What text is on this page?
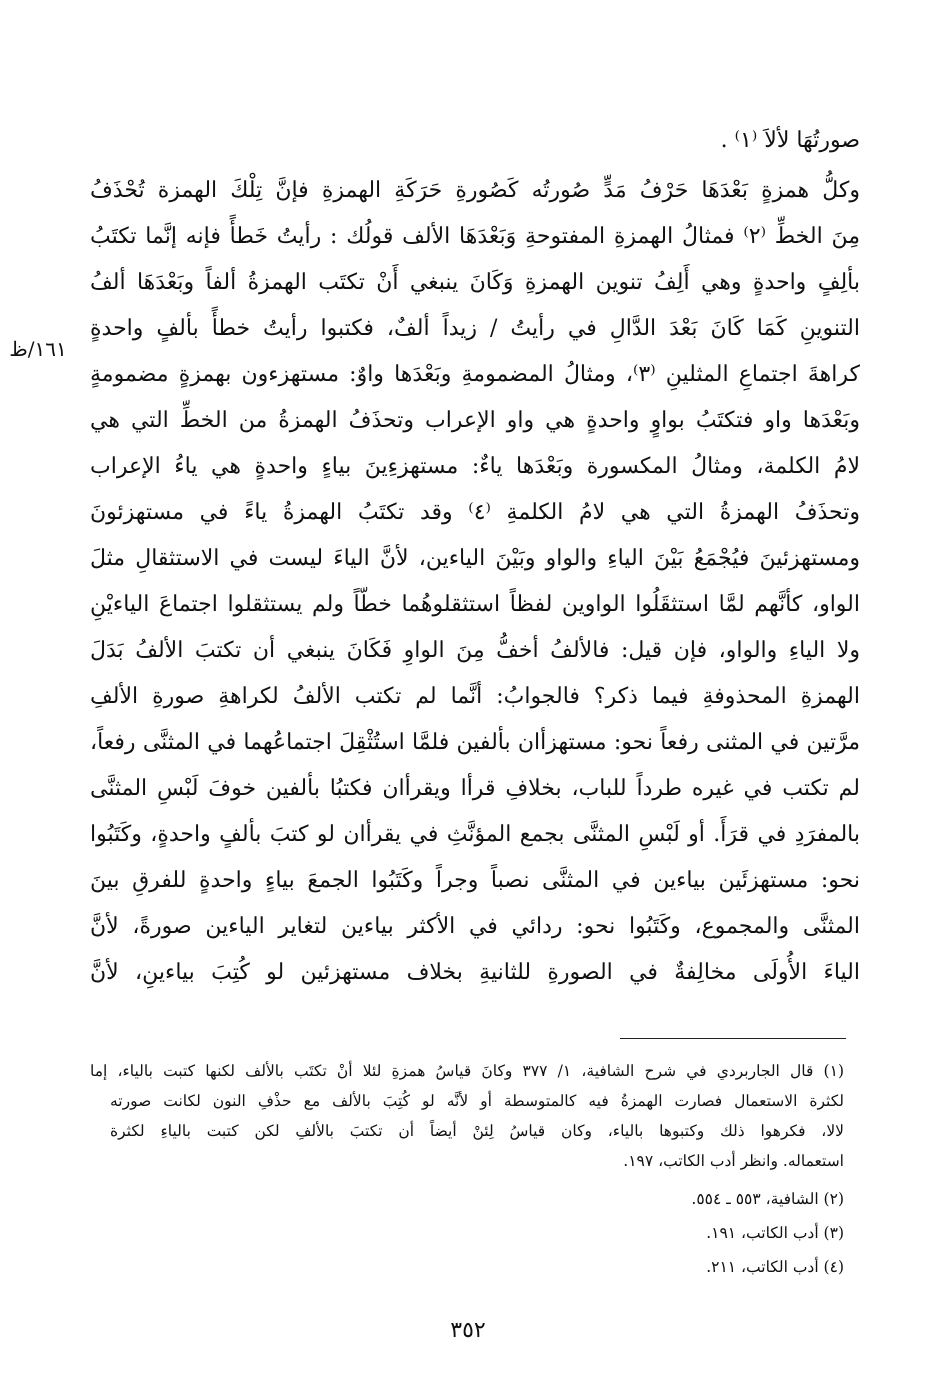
صورتُهَا لألاَ ⁽١⁾ .
وكلُّ همزةٍ بَعْدَهَا حَرْفُ مَدٍّ صُورتُه كَصُورةِ حَرَكَةِ الهمزةِ فإنَّ تِلْكَ الهمزة تُحْذَفُ
مِنَ الخطِّ ⁽٢⁾ فمثالُ الهمزةِ المفتوحةِ وَبَعْدَهَا الألف قولُك : رأيتُ خَطأً فإنه إنَّما تكتَبُ
بألِفٍ واحدةٍ وهي أَلِفُ تنوين الهمزةِ وَكَانَ ينبغي أَنْ تكتَب الهمزةُ ألفاً وبَعْدَهَا ألفُ
التنوينِ كَمَا كَانَ بَعْدَ الدَّالِ في رأيتُ / زيداً ألفٌ، فكتبوا رأيتُ خطأً بألفٍ واحدةٍ
١٦١/ظ
كراهةَ اجتماعِ المثلينِ ⁽٣⁾، ومثالُ المضمومةِ وبَعْدَها واوٌ: مستهزءون بهمزةٍ مضمومةٍ
وبَعْدَها واو فتكتَبُ بواوٍ واحدةٍ هي واو الإعراب وتحذَفُ الهمزةُ من الخطِّ التي هي
لامُ الكلمة، ومثالُ المكسورة وبَعْدَها ياءٌ: مستهزءِينَ بياءٍ واحدةٍ هي ياءُ الإعراب
وتحذَفُ الهمزةُ التي هي لامُ الكلمةِ ⁽٤⁾ وقد تكتَبُ الهمزةُ ياءً في مستهزئونَ
ومستهزئينَ فيُجْمَعُ بَيْنَ الياءِ والواو وبَيْنَ الياءين، لأنَّ الياءَ ليست في الاستثقالِ مثلَ
الواو، كأنَّهم لمَّا استثقَلُوا الواوين لفظاً استثقلوهُما خطّاً ولم يستثقلوا اجتماعَ الياءيْنِ
ولا الياءِ والواو، فإن قيل: فالألفُ أخفُّ مِنَ الواوِ فَكَانَ ينبغي أن تكتبَ الألفُ بَدَلَ
الهمزةِ المحذوفةِ فيما ذكر؟ فالجوابُ: أنَّما لم تكتب الألفُ لكراهةِ صورةِ الألفِ
مرَّتين في المثنى رفعاً نحو: مستهزأان بألفين فلمَّا استُثْقِلَ اجتماعُهما في المثنَّى رفعاً،
لم تكتب في غيره طرداً للباب، بخلافِ قرأا ويقرأان فكتبُا بألفين خوفَ لَبْسِ المثنَّى
بالمفرَدِ في قرَأَ. أو لَبْسِ المثنَّى بجمع المؤنَّثِ في يقرأان لو كتبَ بألفٍ واحدةٍ، وكَتَبُوا
نحو: مستهزئَين بياءين في المثنَّى نصباً وجراً وكَتَبُوا الجمعَ بياءٍ واحدةٍ للفرقِ بينَ
المثنَّى والمجموع، وكَتَبُوا نحو: ردائي في الأكثر بياءين لتغاير الياءين صورةً، لأنَّ
الياءَ الأُولَى مخالِفةٌ في الصورةِ للثانيةِ بخلاف مستهزئين لو كُتِبَ بياءينِ، لأنَّ
(١) قال الجاربردي في شرح الشافية، ١/ ٣٧٧ وكانَ قياسُ همزةِ لئلا أنْ تكتَب بالألف لكنها كتبت بالياء، إما
لكثرة الاستعمال فصارت الهمزةُ فيه كالمتوسطة أو لأنَّه لو كُتِبَ بالألف مع حذْفِ النون لكانت صورته
لالا، فكرهوا ذلك وكتبوها بالياء، وكان قياسُ لِئنْ أيضاً أن تكتبَ بالألفِ لكن كتبت بالياءِ لكثرة
استعماله. وانظر أدب الكاتب، ١٩٧.
(٢) الشافية، ٥٥٣ ـ ٥٥٤.
(٣) أدب الكاتب، ١٩١.
(٤) أدب الكاتب، ٢١١.
٣٥٢
